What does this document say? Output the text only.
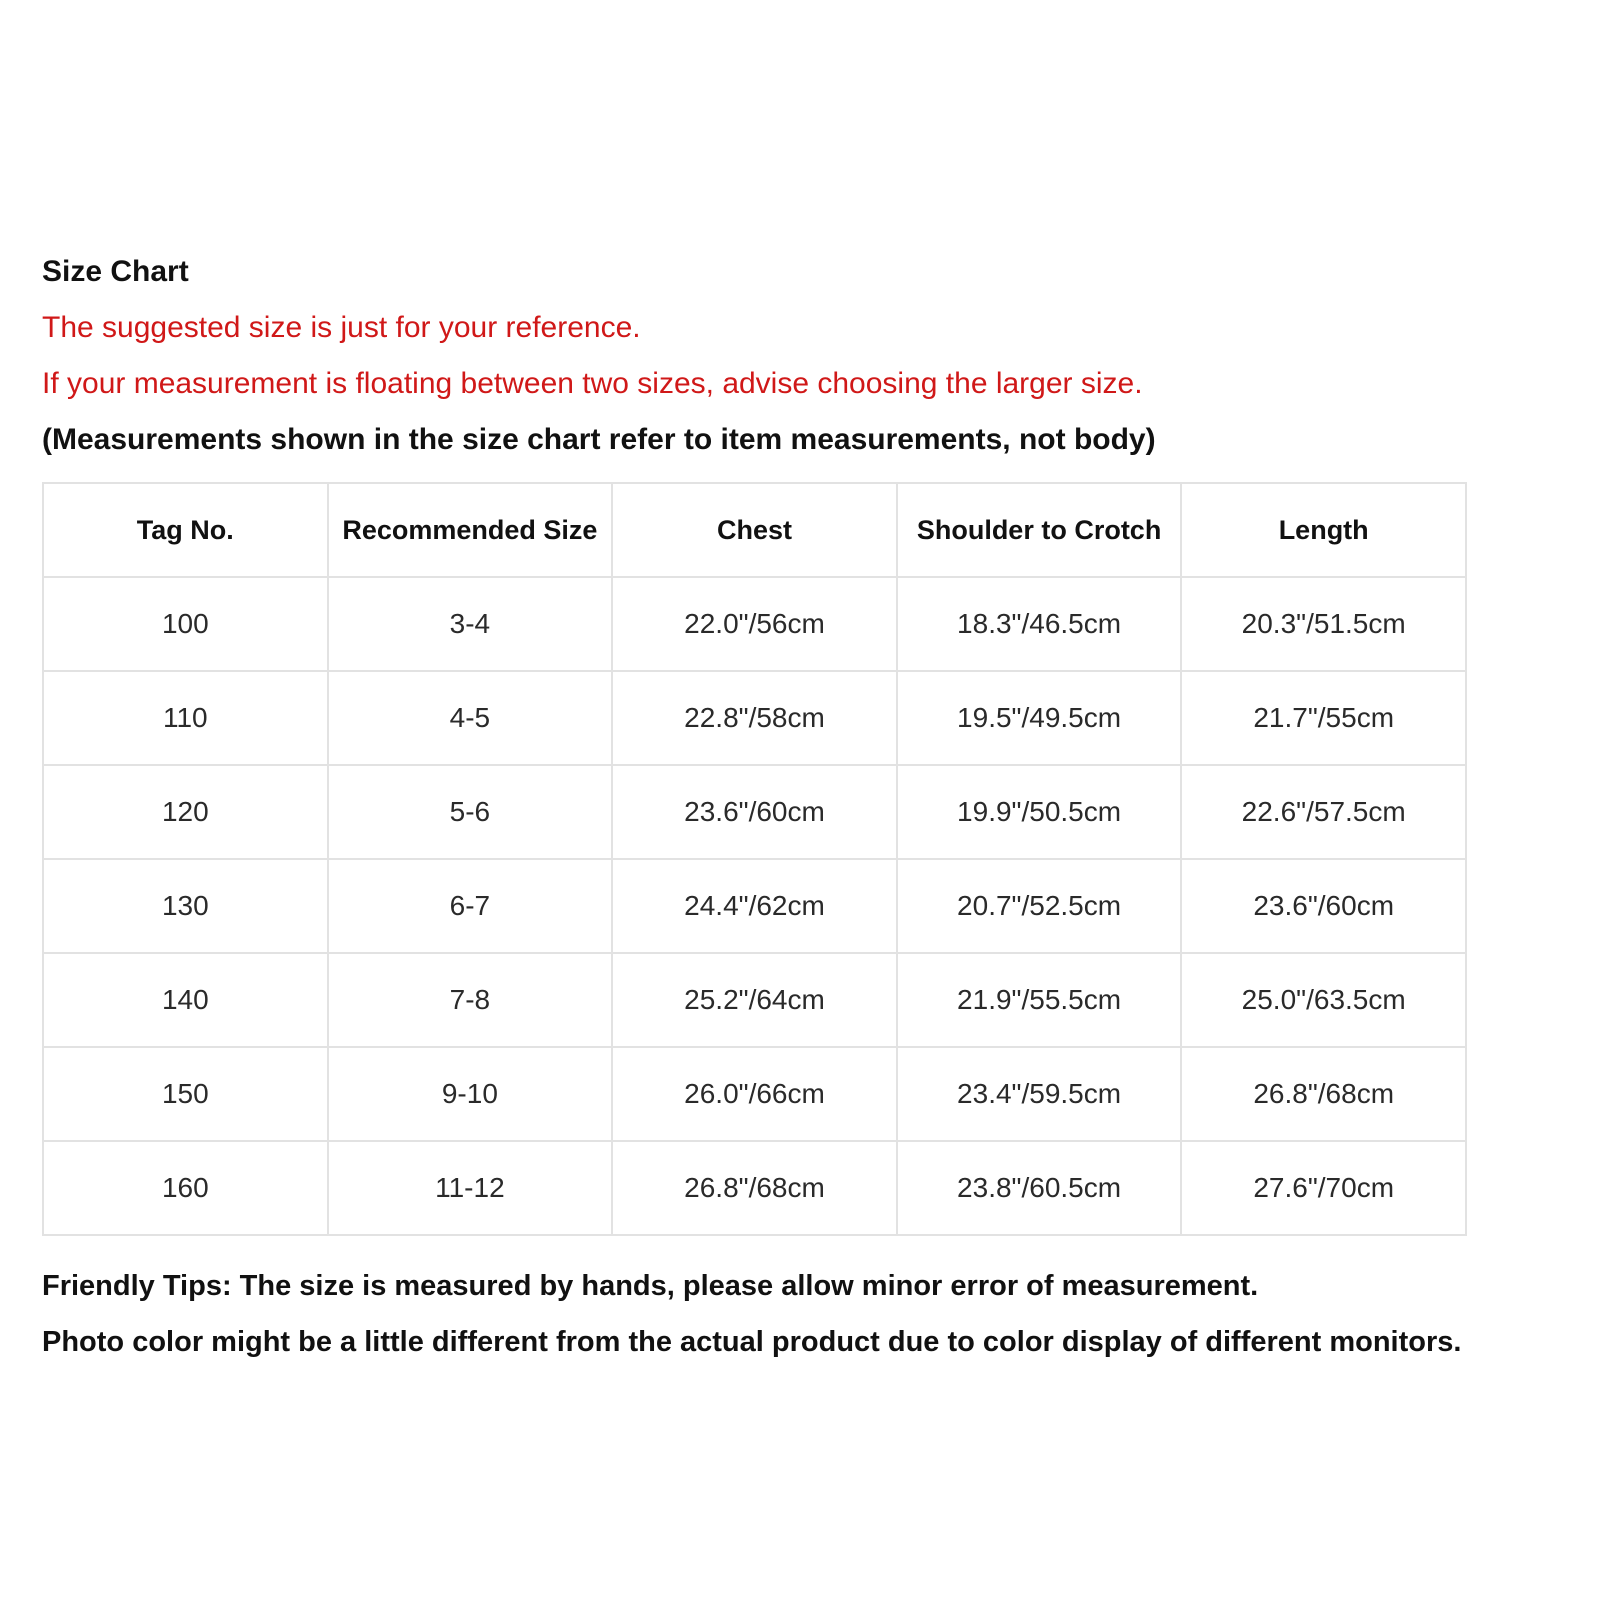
Size Chart
The suggested size is just for your reference.
If your measurement is floating between two sizes, advise choosing the larger size.
(Measurements shown in the size chart refer to item measurements, not body)
Tag No.	Recommended Size	Chest	Shoulder to Crotch	Length
100	3-4	22.0"/56cm	18.3"/46.5cm	20.3"/51.5cm
110	4-5	22.8"/58cm	19.5"/49.5cm	21.7"/55cm
120	5-6	23.6"/60cm	19.9"/50.5cm	22.6"/57.5cm
130	6-7	24.4"/62cm	20.7"/52.5cm	23.6"/60cm
140	7-8	25.2"/64cm	21.9"/55.5cm	25.0"/63.5cm
150	9-10	26.0"/66cm	23.4"/59.5cm	26.8"/68cm
160	11-12	26.8"/68cm	23.8"/60.5cm	27.6"/70cm
Friendly Tips: The size is measured by hands, please allow minor error of measurement.
Photo color might be a little different from the actual product due to color display of different monitors.
